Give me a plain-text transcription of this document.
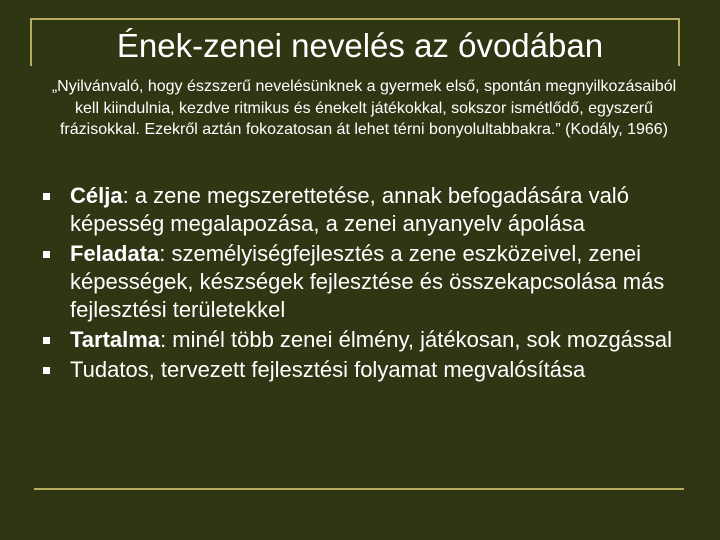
Ének-zenei nevelés az óvodában
„Nyilvánvaló, hogy észszerű nevelésünknek a gyermek első, spontán megnyilkozásaiból kell kiindulnia, kezdve ritmikus és énekelt játékokkal, sokszor ismétlődő, egyszerű frázisokkal. Ezekről aztán fokozatosan át lehet térni bonyolultabbakra.” (Kodály, 1966)
Célja: a zene megszerettetése, annak befogadására való képesség megalapozása, a zenei anyanyelv ápolása
Feladata: személyiségfejlesztés a zene eszközeivel, zenei képességek, készségek fejlesztése és összekapcsolása más fejlesztési területekkel
Tartalma: minél több zenei élmény, játékosan, sok mozgással
Tudatos, tervezett fejlesztési folyamat megvalósítása
